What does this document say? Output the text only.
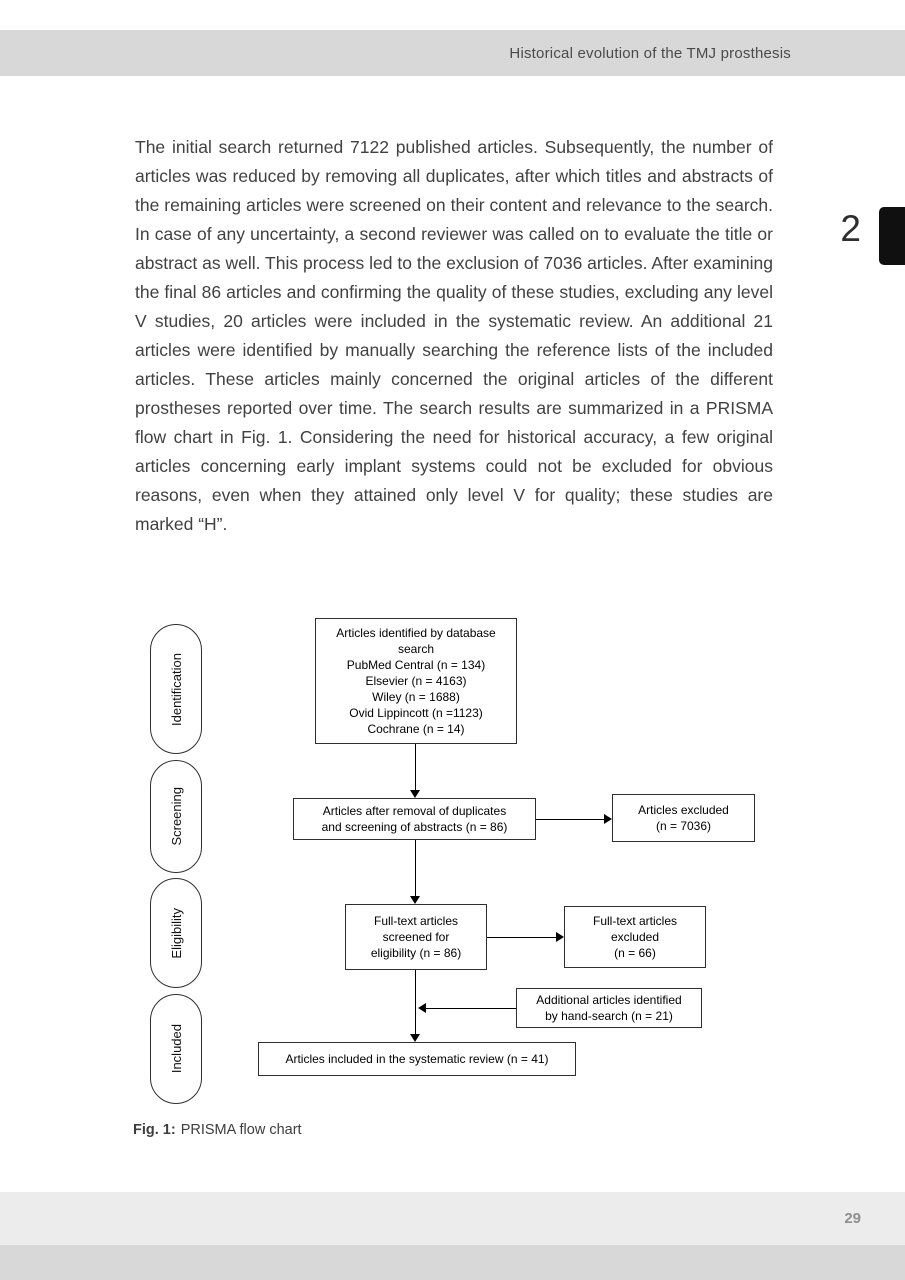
Historical evolution of the TMJ prosthesis
2

The initial search returned 7122 published articles. Subsequently, the number of articles was reduced by removing all duplicates, after which titles and abstracts of the remaining articles were screened on their content and relevance to the search. In case of any uncertainty, a second reviewer was called on to evaluate the title or abstract as well. This process led to the exclusion of 7036 articles. After examining the final 86 articles and confirming the quality of these studies, excluding any level V studies, 20 articles were included in the systematic review. An additional 21 articles were identified by manually searching the reference lists of the included articles. These articles mainly concerned the original articles of the different prostheses reported over time. The search results are summarized in a PRISMA flow chart in Fig. 1. Considering the need for historical accuracy, a few original articles concerning early implant systems could not be excluded for obvious reasons, even when they attained only level V for quality; these studies are marked “H”.

Identification
Screening
Eligibility
Included
Articles identified by database
search
PubMed Central (n = 134)
Elsevier (n = 4163)
Wiley (n = 1688)
Ovid Lippincott (n =1123)
Cochrane (n = 14)
Articles after removal of duplicates
and screening of abstracts (n = 86)
Articles excluded
(n = 7036)
Full-text articles
screened for
eligibility (n = 86)
Full-text articles
excluded
(n = 66)
Additional articles identified
by hand-search (n = 21)
Articles included in the systematic review (n = 41)
Fig. 1: PRISMA flow chart
29
